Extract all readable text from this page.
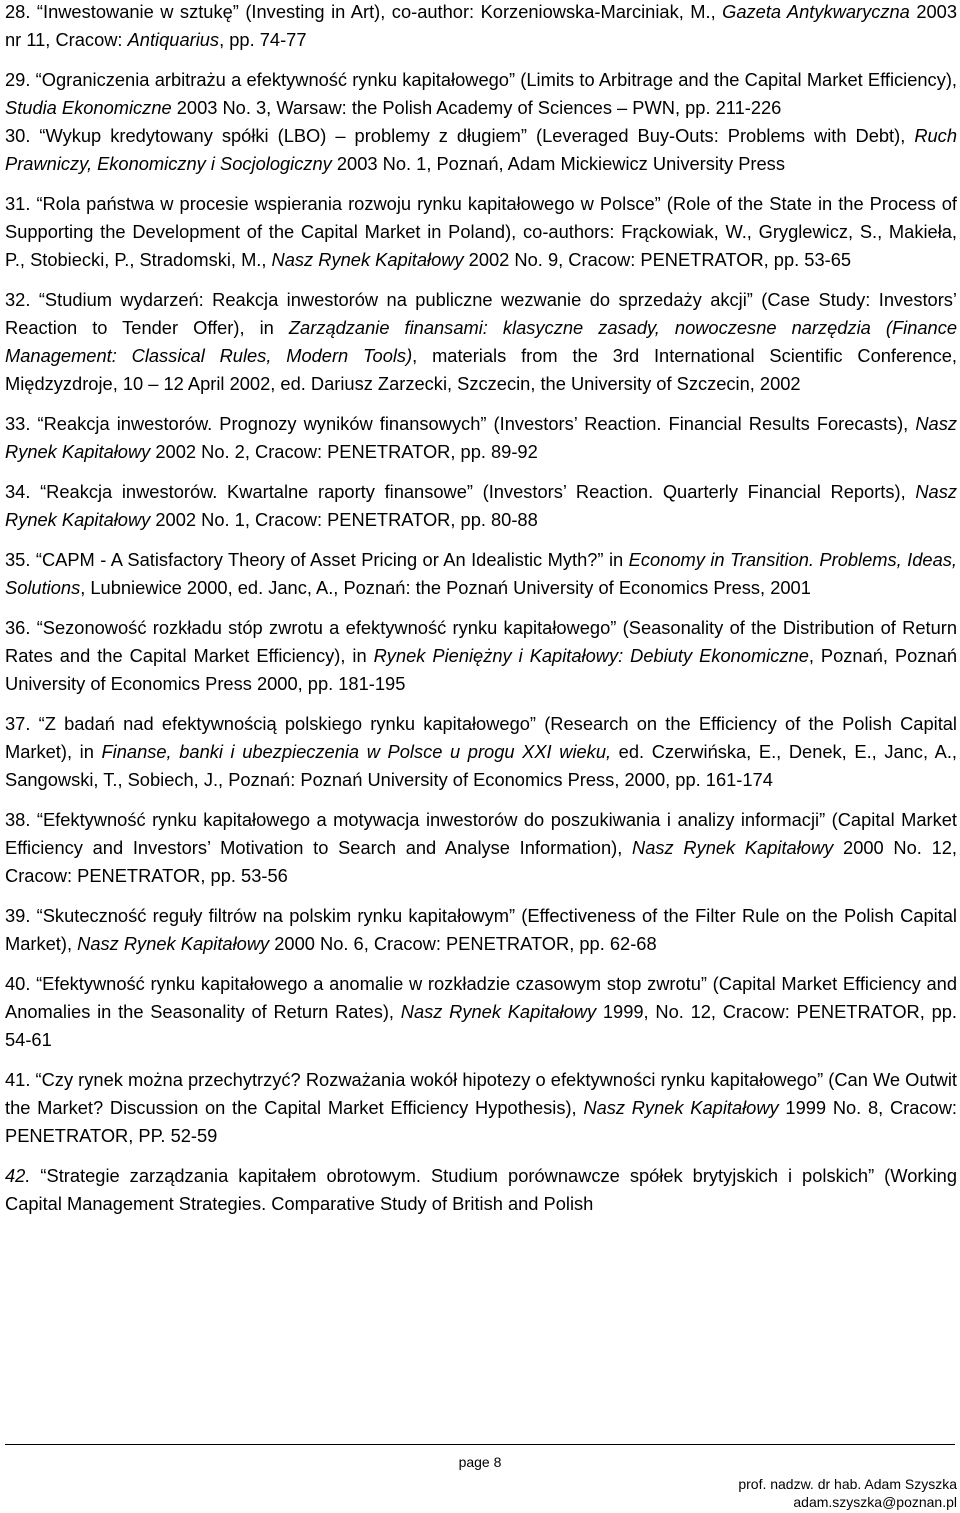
28. “Inwestowanie w sztukę” (Investing in Art), co-author: Korzeniowska-Marciniak, M., Gazeta Antykwaryczna 2003 nr 11, Cracow: Antiquarius, pp. 74-77

29. “Ograniczenia arbitrażu a efektywność rynku kapitałowego” (Limits to Arbitrage and the Capital Market Efficiency), Studia Ekonomiczne 2003 No. 3, Warsaw: the Polish Academy of Sciences – PWN, pp. 211-226

30. “Wykup kredytowany spółki (LBO) – problemy z długiem” (Leveraged Buy-Outs: Problems with Debt), Ruch Prawniczy, Ekonomiczny i Socjologiczny 2003 No. 1, Poznań, Adam Mickiewicz University Press

31. “Rola państwa w procesie wspierania rozwoju rynku kapitałowego w Polsce” (Role of the State in the Process of Supporting the Development of the Capital Market in Poland), co-authors: Frąckowiak, W., Gryglewicz, S., Makieła, P., Stobiecki, P., Stradomski, M., Nasz Rynek Kapitałowy 2002 No. 9, Cracow: PENETRATOR, pp. 53-65

32. “Studium wydarzeń: Reakcja inwestorów na publiczne wezwanie do sprzedaży akcji” (Case Study: Investors’ Reaction to Tender Offer), in Zarządzanie finansami: klasyczne zasady, nowoczesne narzędzia (Finance Management: Classical Rules, Modern Tools), materials from the 3rd International Scientific Conference, Międzyzdroje, 10 – 12 April 2002, ed. Dariusz Zarzecki, Szczecin, the University of Szczecin, 2002

33. “Reakcja inwestorów. Prognozy wyników finansowych” (Investors’ Reaction. Financial Results Forecasts), Nasz Rynek Kapitałowy 2002 No. 2, Cracow: PENETRATOR, pp. 89-92

34. “Reakcja inwestorów. Kwartalne raporty finansowe” (Investors’ Reaction. Quarterly Financial Reports), Nasz Rynek Kapitałowy 2002 No. 1, Cracow: PENETRATOR, pp. 80-88

35. “CAPM - A Satisfactory Theory of Asset Pricing or An Idealistic Myth?” in Economy in Transition. Problems, Ideas, Solutions, Lubniewice 2000, ed. Janc, A., Poznań: the Poznań University of Economics Press, 2001

36. “Sezonowość rozkładu stóp zwrotu a efektywność rynku kapitałowego” (Seasonality of the Distribution of Return Rates and the Capital Market Efficiency), in Rynek Pieniężny i Kapitałowy: Debiuty Ekonomiczne, Poznań, Poznań University of Economics Press 2000, pp. 181-195

37. “Z badań nad efektywnością polskiego rynku kapitałowego” (Research on the Efficiency of the Polish Capital Market), in Finanse, banki i ubezpieczenia w Polsce u progu XXI wieku, ed. Czerwińska, E., Denek, E., Janc, A., Sangowski, T., Sobiech, J., Poznań: Poznań University of Economics Press, 2000, pp. 161-174

38. “Efektywność rynku kapitałowego a motywacja inwestorów do poszukiwania i analizy informacji” (Capital Market Efficiency and Investors’ Motivation to Search and Analyse Information), Nasz Rynek Kapitałowy 2000 No. 12, Cracow: PENETRATOR, pp. 53-56

39. “Skuteczność reguły filtrów na polskim rynku kapitałowym” (Effectiveness of the Filter Rule on the Polish Capital Market), Nasz Rynek Kapitałowy 2000 No. 6, Cracow: PENETRATOR, pp. 62-68

40. “Efektywność rynku kapitałowego a anomalie w rozkładzie czasowym stop zwrotu” (Capital Market Efficiency and Anomalies in the Seasonality of Return Rates), Nasz Rynek Kapitałowy 1999, No. 12, Cracow: PENETRATOR, pp. 54-61

41. “Czy rynek można przechytrzyć? Rozważania wokół hipotezy o efektywności rynku kapitałowego” (Can We Outwit the Market? Discussion on the Capital Market Efficiency Hypothesis), Nasz Rynek Kapitałowy 1999 No. 8, Cracow: PENETRATOR, PP. 52-59

42. “Strategie zarządzania kapitałem obrotowym. Studium porównawcze spółek brytyjskich i polskich” (Working Capital Management Strategies. Comparative Study of British and Polish

page 8
prof. nadzw. dr hab. Adam Szyszka
adam.szyszka@poznan.pl
